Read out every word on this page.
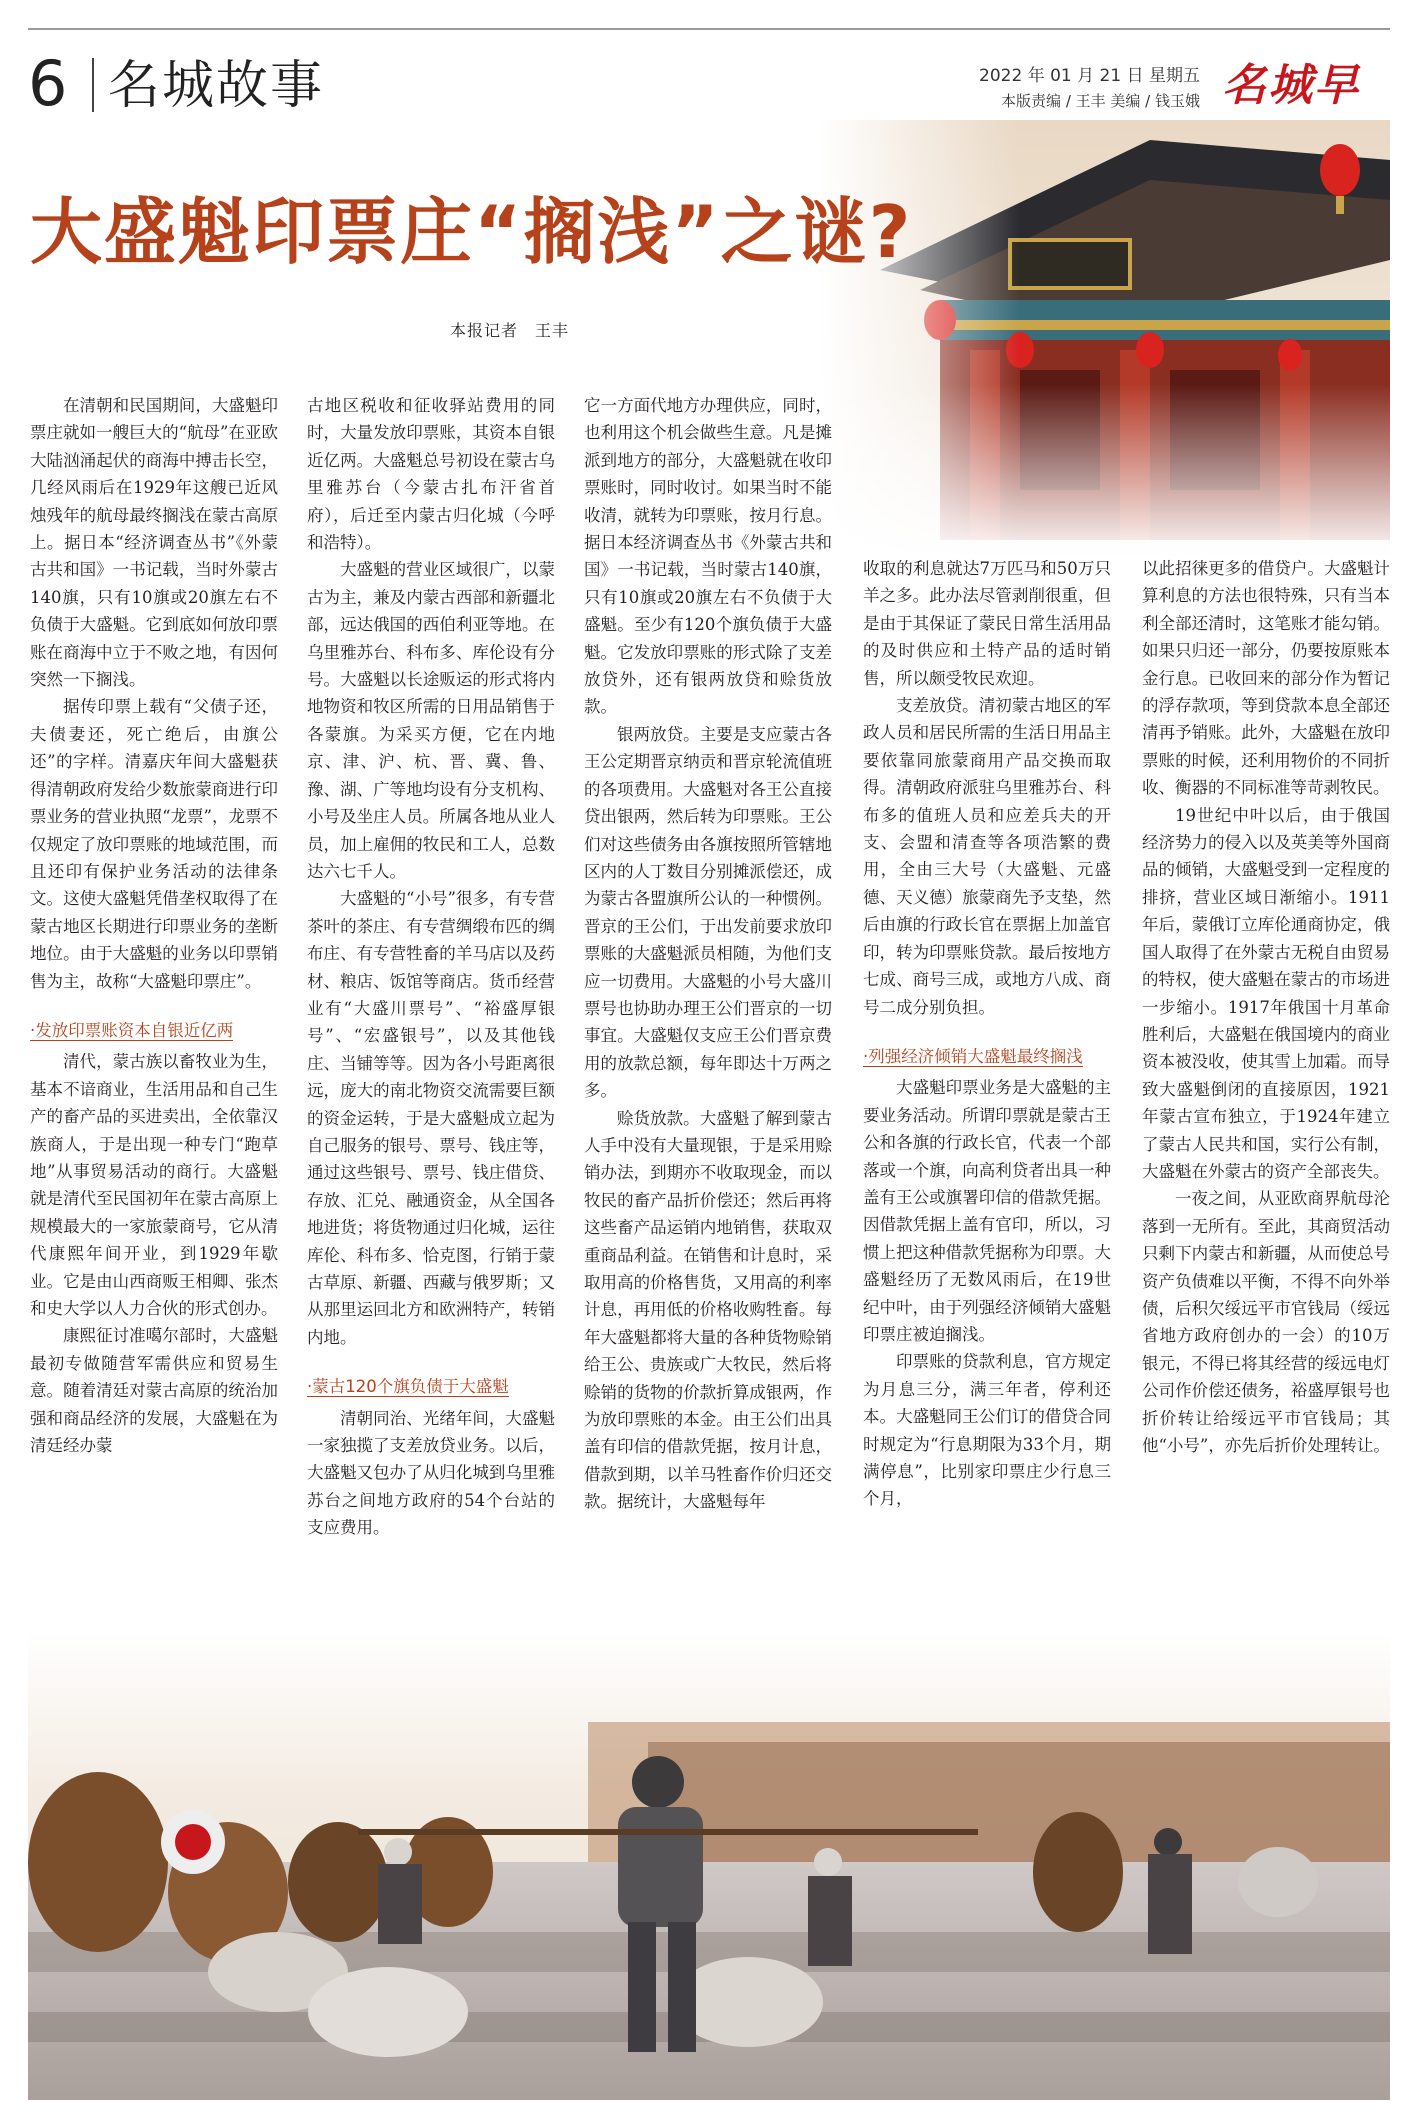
6 名城故事	2022 年 01 月 21 日 星期五
本版责编 / 王丰 美编 / 钱玉娥 名城早
大盛魁印票庄“搁浅”之谜?
本报记者　王丰

在清朝和民国期间，大盛魁印票庄就如一艘巨大的“航母”在亚欧大陆汹涌起伏的商海中搏击长空，几经风雨后在1929年这艘已近风烛残年的航母最终搁浅在蒙古高原上。据日本“经济调查丛书”《外蒙古共和国》一书记载，当时外蒙古140旗，只有10旗或20旗左右不负债于大盛魁。它到底如何放印票账在商海中立于不败之地，有因何突然一下搁浅。

据传印票上载有“父债子还，夫债妻还，死亡绝后，由旗公还”的字样。清嘉庆年间大盛魁获得清朝政府发给少数旅蒙商进行印票业务的营业执照“龙票”，龙票不仅规定了放印票账的地域范围，而且还印有保护业务活动的法律条文。这使大盛魁凭借垄权取得了在蒙古地区长期进行印票业务的垄断地位。由于大盛魁的业务以印票销售为主，故称“大盛魁印票庄”。

·发放印票账资本自银近亿两

清代，蒙古族以畜牧业为生，基本不谙商业，生活用品和自己生产的畜产品的买进卖出，全依靠汉族商人，于是出现一种专门“跑草地”从事贸易活动的商行。大盛魁就是清代至民国初年在蒙古高原上规模最大的一家旅蒙商号，它从清代康熙年间开业，到1929年歇业。它是由山西商贩王相卿、张杰和史大学以人力合伙的形式创办。

康熙征讨准噶尔部时，大盛魁最初专做随营军需供应和贸易生意。随着清廷对蒙古高原的统治加强和商品经济的发展，大盛魁在为清廷经办蒙

古地区税收和征收驿站费用的同时，大量发放印票账，其资本自银近亿两。大盛魁总号初设在蒙古乌里雅苏台（今蒙古扎布汗省首府），后迁至内蒙古归化城（今呼和浩特）。

大盛魁的营业区域很广，以蒙古为主，兼及内蒙古西部和新疆北部，远达俄国的西伯利亚等地。在乌里雅苏台、科布多、库伦设有分号。大盛魁以长途贩运的形式将内地物资和牧区所需的日用品销售于各蒙旗。为采买方便，它在内地京、津、沪、杭、晋、冀、鲁、豫、湖、广等地均设有分支机构、小号及坐庄人员。所属各地从业人员，加上雇佣的牧民和工人，总数达六七千人。

大盛魁的“小号”很多，有专营茶叶的茶庄、有专营绸缎布匹的绸布庄、有专营牲畜的羊马店以及药材、粮店、饭馆等商店。货币经营业有“大盛川票号”、“裕盛厚银号”、“宏盛银号”，以及其他钱庄、当铺等等。因为各小号距离很远，庞大的南北物资交流需要巨额的资金运转，于是大盛魁成立起为自己服务的银号、票号、钱庄等，通过这些银号、票号、钱庄借贷、存放、汇兑、融通资金，从全国各地进货；将货物通过归化城，运往库伦、科布多、恰克图，行销于蒙古草原、新疆、西藏与俄罗斯；又从那里运回北方和欧洲特产，转销内地。

·蒙古120个旗负债于大盛魁

清朝同治、光绪年间，大盛魁一家独揽了支差放贷业务。以后，大盛魁又包办了从归化城到乌里雅苏台之间地方政府的54个台站的支应费用。

它一方面代地方办理供应，同时，也利用这个机会做些生意。凡是摊派到地方的部分，大盛魁就在收印票账时，同时收讨。如果当时不能收清，就转为印票账，按月行息。据日本经济调查丛书《外蒙古共和国》一书记载，当时蒙古140旗，只有10旗或20旗左右不负债于大盛魁。至少有120个旗负债于大盛魁。它发放印票账的形式除了支差放贷外，还有银两放贷和赊货放款。

银两放贷。主要是支应蒙古各王公定期晋京纳贡和晋京轮流值班的各项费用。大盛魁对各王公直接贷出银两，然后转为印票账。王公们对这些债务由各旗按照所管辖地区内的人丁数目分别摊派偿还，成为蒙古各盟旗所公认的一种惯例。晋京的王公们，于出发前要求放印票账的大盛魁派员相随，为他们支应一切费用。大盛魁的小号大盛川票号也协助办理王公们晋京的一切事宜。大盛魁仅支应王公们晋京费用的放款总额，每年即达十万两之多。

赊货放款。大盛魁了解到蒙古人手中没有大量现银，于是采用赊销办法，到期亦不收取现金，而以牧民的畜产品折价偿还；然后再将这些畜产品运销内地销售，获取双重商品利益。在销售和计息时，采取用高的价格售货，又用高的利率计息，再用低的价格收购牲畜。每年大盛魁都将大量的各种货物赊销给王公、贵族或广大牧民，然后将赊销的货物的价款折算成银两，作为放印票账的本金。由王公们出具盖有印信的借款凭据，按月计息，借款到期，以羊马牲畜作价归还交款。据统计，大盛魁每年

收取的利息就达7万匹马和50万只羊之多。此办法尽管剥削很重，但是由于其保证了蒙民日常生活用品的及时供应和土特产品的适时销售，所以颇受牧民欢迎。

支差放贷。清初蒙古地区的军政人员和居民所需的生活日用品主要依靠同旅蒙商用产品交换而取得。清朝政府派驻乌里雅苏台、科布多的值班人员和应差兵夫的开支、会盟和清查等各项浩繁的费用，全由三大号（大盛魁、元盛德、天义德）旅蒙商先予支垫，然后由旗的行政长官在票据上加盖官印，转为印票账贷款。最后按地方七成、商号三成，或地方八成、商号二成分别负担。

·列强经济倾销大盛魁最终搁浅

大盛魁印票业务是大盛魁的主要业务活动。所谓印票就是蒙古王公和各旗的行政长官，代表一个部落或一个旗，向高利贷者出具一种盖有王公或旗署印信的借款凭据。因借款凭据上盖有官印，所以，习惯上把这种借款凭据称为印票。大盛魁经历了无数风雨后，在19世纪中叶，由于列强经济倾销大盛魁印票庄被迫搁浅。

印票账的贷款利息，官方规定为月息三分，满三年者，停利还本。大盛魁同王公们订的借贷合同时规定为“行息期限为33个月，期满停息”，比别家印票庄少行息三个月，

以此招徕更多的借贷户。大盛魁计算利息的方法也很特殊，只有当本利全部还清时，这笔账才能勾销。如果只归还一部分，仍要按原账本金行息。已收回来的部分作为暂记的浮存款项，等到贷款本息全部还清再予销账。此外，大盛魁在放印票账的时候，还利用物价的不同折收、衡器的不同标准等苛剥牧民。

19世纪中叶以后，由于俄国经济势力的侵入以及英美等外国商品的倾销，大盛魁受到一定程度的排挤，营业区域日渐缩小。1911年后，蒙俄订立库伦通商协定，俄国人取得了在外蒙古无税自由贸易的特权，使大盛魁在蒙古的市场进一步缩小。1917年俄国十月革命胜利后，大盛魁在俄国境内的商业资本被没收，使其雪上加霜。而导致大盛魁倒闭的直接原因，1921年蒙古宣布独立，于1924年建立了蒙古人民共和国，实行公有制，大盛魁在外蒙古的资产全部丧失。

一夜之间，从亚欧商界航母沦落到一无所有。至此，其商贸活动只剩下内蒙古和新疆，从而使总号资产负债难以平衡，不得不向外举债，后积欠绥远平市官钱局（绥远省地方政府创办的一会）的10万银元，不得已将其经营的绥远电灯公司作价偿还债务，裕盛厚银号也折价转让给绥远平市官钱局；其他“小号”，亦先后折价处理转让。
